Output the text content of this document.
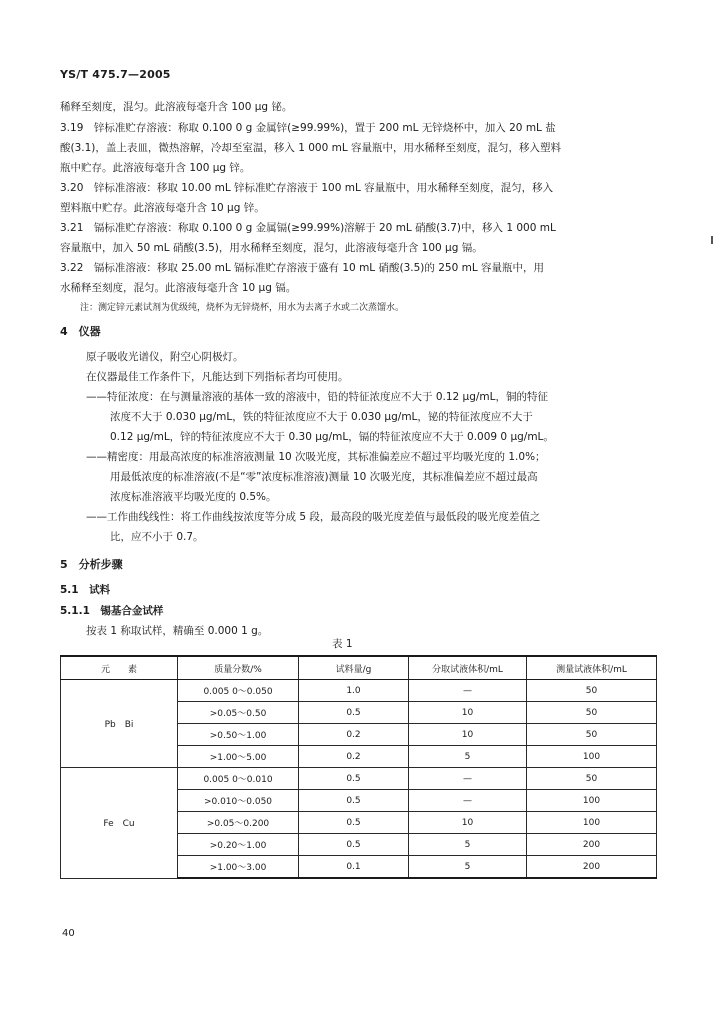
YS/T 475.7—2005
稀释至刻度，混匀。此溶液每毫升含 100 μg 铋。
3.19　锌标准贮存溶液：称取 0.100 0 g 金属锌(≥99.99%)，置于 200 mL 无锌烧杯中，加入 20 mL 盐
酸(3.1)，盖上表皿，微热溶解，冷却至室温，移入 1 000 mL 容量瓶中，用水稀释至刻度，混匀，移入塑料
瓶中贮存。此溶液每毫升含 100 μg 锌。
3.20　锌标准溶液：移取 10.00 mL 锌标准贮存溶液于 100 mL 容量瓶中，用水稀释至刻度，混匀，移入
塑料瓶中贮存。此溶液每毫升含 10 μg 锌。
3.21　镉标准贮存溶液：称取 0.100 0 g 金属镉(≥99.99%)溶解于 20 mL 硝酸(3.7)中，移入 1 000 mL
容量瓶中，加入 50 mL 硝酸(3.5)，用水稀释至刻度，混匀，此溶液每毫升含 100 μg 镉。
3.22　镉标准溶液：移取 25.00 mL 镉标准贮存溶液于盛有 10 mL 硝酸(3.5)的 250 mL 容量瓶中，用
水稀释至刻度，混匀。此溶液每毫升含 10 μg 镉。
注：测定锌元素试剂为优级纯，烧杯为无锌烧杯，用水为去离子水或二次蒸馏水。
4　仪器
原子吸收光谱仪，附空心阴极灯。
在仪器最佳工作条件下，凡能达到下列指标者均可使用。
——特征浓度：在与测量溶液的基体一致的溶液中，铅的特征浓度应不大于 0.12 μg/mL，铜的特征
浓度不大于 0.030 μg/mL，铁的特征浓度应不大于 0.030 μg/mL，铋的特征浓度应不大于
0.12 μg/mL，锌的特征浓度应不大于 0.30 μg/mL，镉的特征浓度应不大于 0.009 0 μg/mL。
——精密度：用最高浓度的标准溶液测量 10 次吸光度，其标准偏差应不超过平均吸光度的 1.0%；
用最低浓度的标准溶液(不是“零”浓度标准溶液)测量 10 次吸光度，其标准偏差应不超过最高
浓度标准溶液平均吸光度的 0.5%。
——工作曲线线性：将工作曲线按浓度等分成 5 段，最高段的吸光度差值与最低段的吸光度差值之
比，应不小于 0.7。
5　分析步骤
5.1　试料
5.1.1　锡基合金试样
按表 1 称取试样，精确至 0.000 1 g。
表 1
元　　素	质量分数/%	试料量/g	分取试液体积/mL	测量试液体积/mL
Pb　Bi	0.005 0～0.050	1.0	—	50
	>0.05～0.50	0.5	10	50
	>0.50～1.00	0.2	10	50
	>1.00～5.00	0.2	5	100
Fe　Cu	0.005 0～0.010	0.5	—	50
	>0.010～0.050	0.5	—	100
	>0.05～0.200	0.5	10	100
	>0.20～1.00	0.5	5	200
	>1.00～3.00	0.1	5	200
40
